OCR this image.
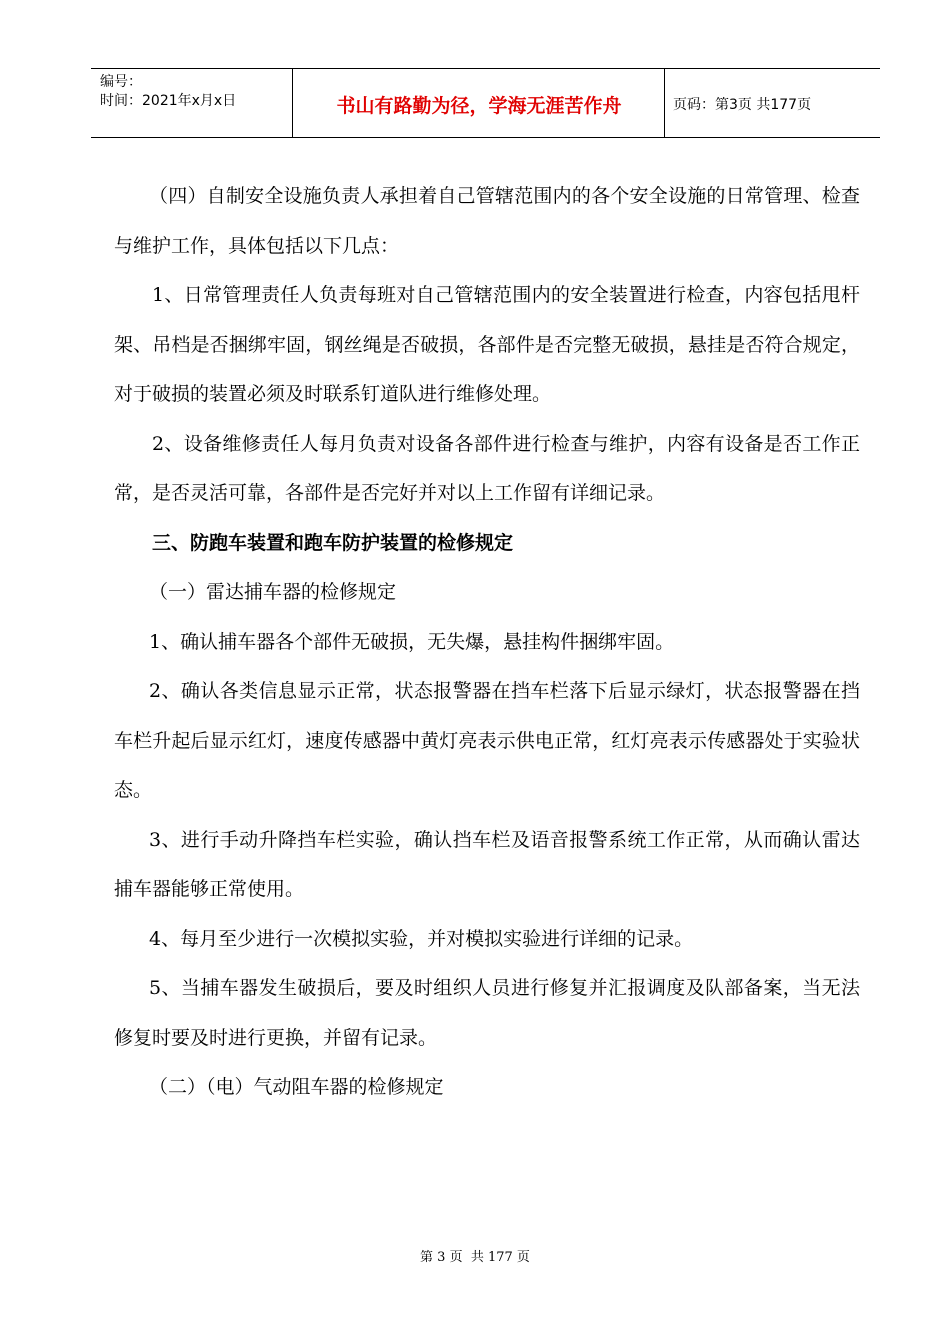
编号：
时间：2021年x月x日	书山有路勤为径，学海无涯苦作舟	页码：第3页 共177页

（四）自制安全设施负责人承担着自己管辖范围内的各个安全设施的日常管理、检查与维护工作，具体包括以下几点：

1、日常管理责任人负责每班对自己管辖范围内的安全装置进行检查，内容包括甩杆架、吊档是否捆绑牢固，钢丝绳是否破损，各部件是否完整无破损，悬挂是否符合规定，对于破损的装置必须及时联系钉道队进行维修处理。

2、设备维修责任人每月负责对设备各部件进行检查与维护，内容有设备是否工作正常，是否灵活可靠，各部件是否完好并对以上工作留有详细记录。

三、防跑车装置和跑车防护装置的检修规定

（一）雷达捕车器的检修规定

1、确认捕车器各个部件无破损，无失爆，悬挂构件捆绑牢固。

2、确认各类信息显示正常，状态报警器在挡车栏落下后显示绿灯，状态报警器在挡车栏升起后显示红灯，速度传感器中黄灯亮表示供电正常，红灯亮表示传感器处于实验状态。

3、进行手动升降挡车栏实验，确认挡车栏及语音报警系统工作正常，从而确认雷达捕车器能够正常使用。

4、每月至少进行一次模拟实验，并对模拟实验进行详细的记录。

5、当捕车器发生破损后，要及时组织人员进行修复并汇报调度及队部备案，当无法修复时要及时进行更换，并留有记录。

（二）（电）气动阻车器的检修规定

第 3 页  共 177 页
